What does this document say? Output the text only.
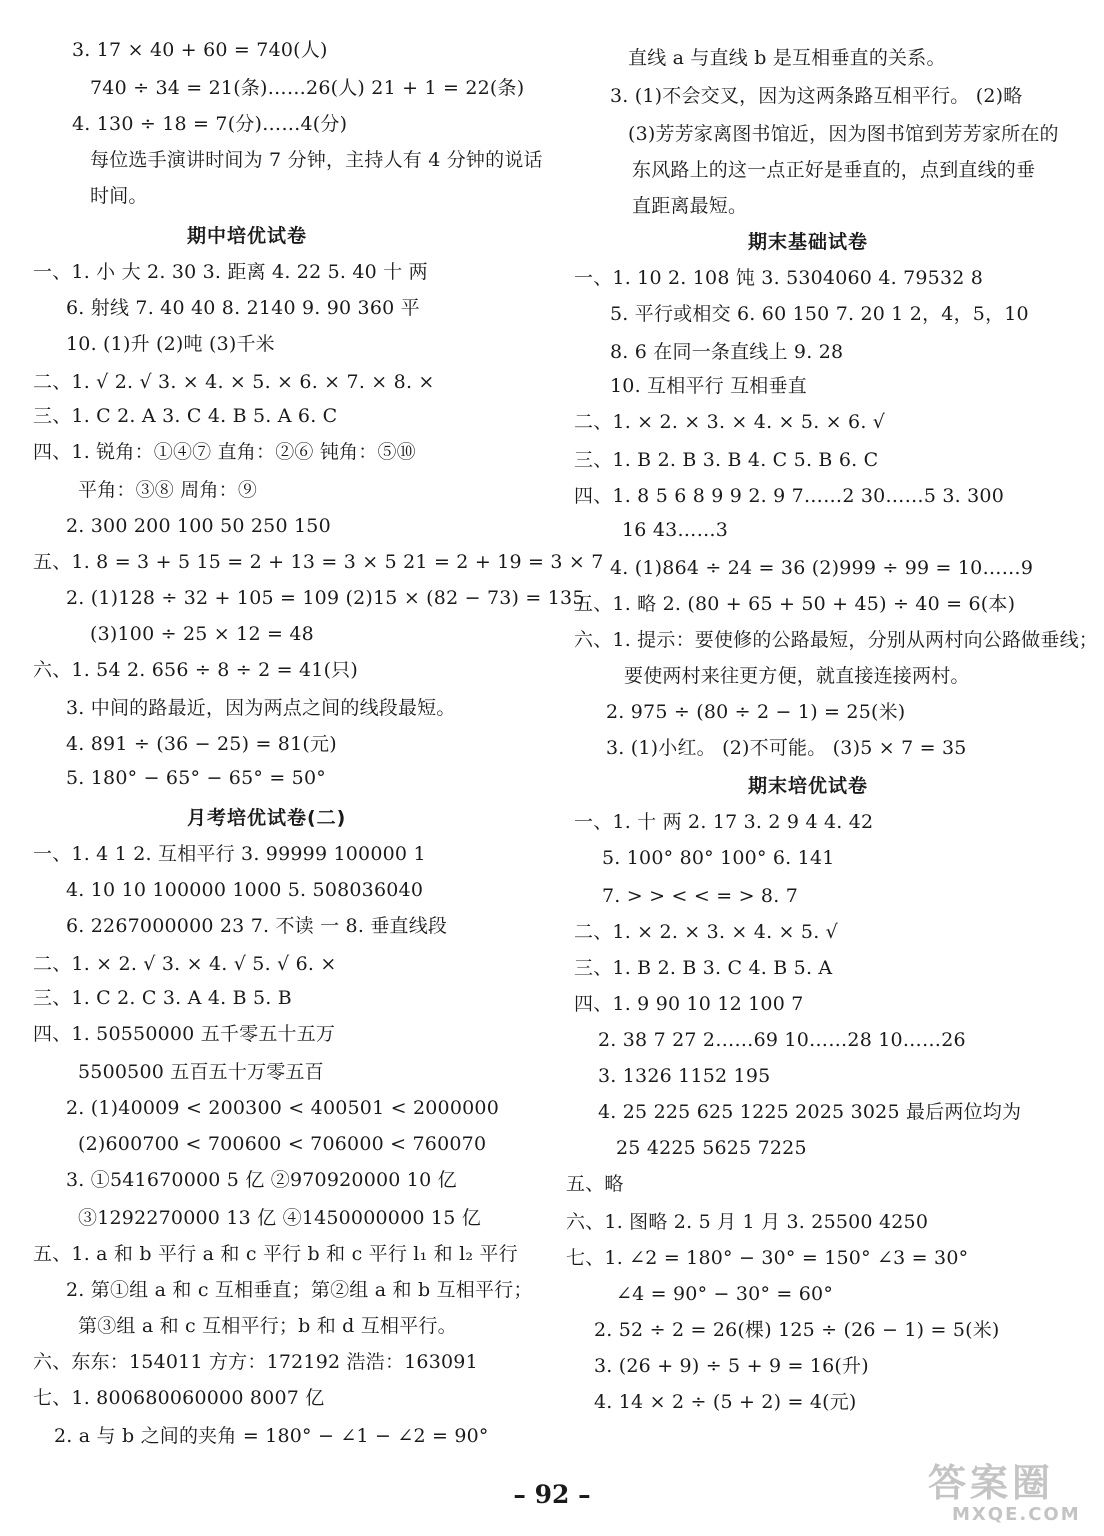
3. 17 × 40 + 60 = 740(人)
740 ÷ 34 = 21(条)……26(人) 21 + 1 = 22(条)
4. 130 ÷ 18 = 7(分)……4(分)
每位选手演讲时间为 7 分钟，主持人有 4 分钟的说话
时间。
期中培优试卷
一、1. 小 大 2. 30 3. 距离 4. 22 5. 40 十 两
6. 射线 7. 40 40 8. 2140 9. 90 360 平
10. (1)升 (2)吨 (3)千米
二、1. √ 2. √ 3. × 4. × 5. × 6. × 7. × 8. ×
三、1. C 2. A 3. C 4. B 5. A 6. C
四、1. 锐角：①④⑦ 直角：②⑥ 钝角：⑤⑩
平角：③⑧ 周角：⑨
2. 300 200 100 50 250 150
五、1. 8 = 3 + 5 15 = 2 + 13 = 3 × 5 21 = 2 + 19 = 3 × 7
2. (1)128 ÷ 32 + 105 = 109 (2)15 × (82 − 73) = 135
(3)100 ÷ 25 × 12 = 48
六、1. 54 2. 656 ÷ 8 ÷ 2 = 41(只)
3. 中间的路最近，因为两点之间的线段最短。
4. 891 ÷ (36 − 25) = 81(元)
5. 180° − 65° − 65° = 50°
月考培优试卷(二)
一、1. 4 1 2. 互相平行 3. 99999 100000 1
4. 10 10 100000 1000 5. 508036040
6. 2267000000 23 7. 不读 一 8. 垂直线段
二、1. × 2. √ 3. × 4. √ 5. √ 6. ×
三、1. C 2. C 3. A 4. B 5. B
四、1. 50550000 五千零五十五万
5500500 五百五十万零五百
2. (1)40009 < 200300 < 400501 < 2000000
(2)600700 < 700600 < 706000 < 760070
3. ①541670000 5 亿 ②970920000 10 亿
③1292270000 13 亿 ④1450000000 15 亿
五、1. a 和 b 平行 a 和 c 平行 b 和 c 平行 l₁ 和 l₂ 平行
2. 第①组 a 和 c 互相垂直；第②组 a 和 b 互相平行；
第③组 a 和 c 互相平行；b 和 d 互相平行。
六、东东：154011 方方：172192 浩浩：163091
七、1. 800680060000 8007 亿
2. a 与 b 之间的夹角 = 180° − ∠1 − ∠2 = 90°
直线 a 与直线 b 是互相垂直的关系。
3. (1)不会交叉，因为这两条路互相平行。 (2)略
(3)芳芳家离图书馆近，因为图书馆到芳芳家所在的
东风路上的这一点正好是垂直的，点到直线的垂
直距离最短。
期末基础试卷
一、1. 10 2. 108 饨 3. 5304060 4. 79532 8
5. 平行或相交 6. 60 150 7. 20 1 2，4，5，10
8. 6 在同一条直线上 9. 28
10. 互相平行 互相垂直
二、1. × 2. × 3. × 4. × 5. × 6. √
三、1. B 2. B 3. B 4. C 5. B 6. C
四、1. 8 5 6 8 9 9 2. 9 7……2 30……5 3. 300
16 43……3
4. (1)864 ÷ 24 = 36 (2)999 ÷ 99 = 10……9
五、1. 略 2. (80 + 65 + 50 + 45) ÷ 40 = 6(本)
六、1. 提示：要使修的公路最短，分别从两村向公路做垂线；
要使两村来往更方便，就直接连接两村。
2. 975 ÷ (80 ÷ 2 − 1) = 25(米)
3. (1)小红。 (2)不可能。 (3)5 × 7 = 35
期末培优试卷
一、1. 十 两 2. 17 3. 2 9 4 4. 42
5. 100° 80° 100° 6. 141
7. > > < < = > 8. 7
二、1. × 2. × 3. × 4. × 5. √
三、1. B 2. B 3. C 4. B 5. A
四、1. 9 90 10 12 100 7
2. 38 7 27 2……69 10……28 10……26
3. 1326 1152 195
4. 25 225 625 1225 2025 3025 最后两位均为
25 4225 5625 7225
五、略
六、1. 图略 2. 5 月 1 月 3. 25500 4250
七、1. ∠2 = 180° − 30° = 150° ∠3 = 30°
∠4 = 90° − 30° = 60°
2. 52 ÷ 2 = 26(棵) 125 ÷ (26 − 1) = 5(米)
3. (26 + 9) ÷ 5 + 9 = 16(升)
4. 14 × 2 ÷ (5 + 2) = 4(元)
– 92 –	答案圈
MXQE.COM
